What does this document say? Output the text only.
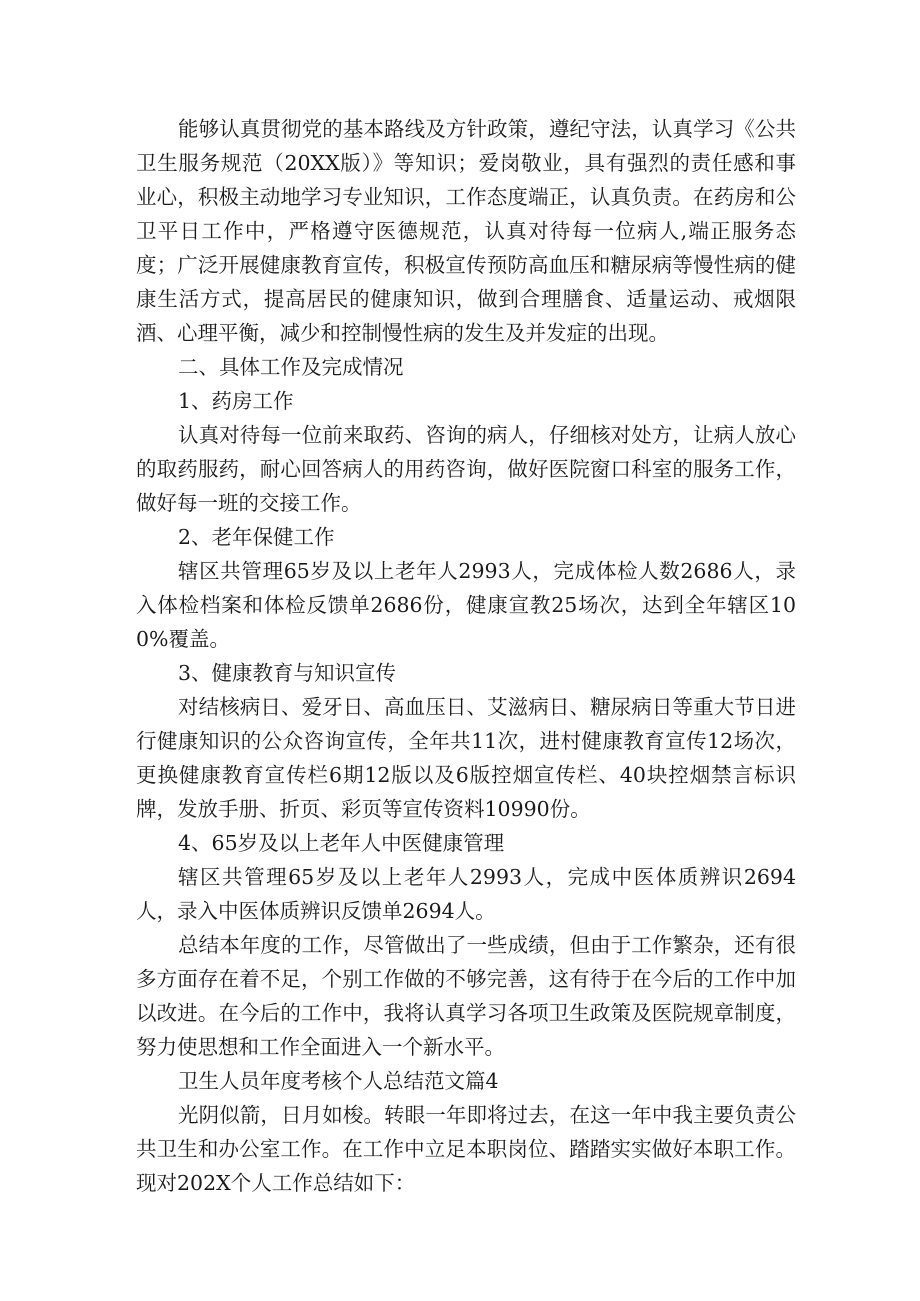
能够认真贯彻党的基本路线及方针政策，遵纪守法，认真学习《公共卫生服务规范（20XX版）》等知识；爱岗敬业，具有强烈的责任感和事业心，积极主动地学习专业知识，工作态度端正，认真负责。在药房和公卫平日工作中，严格遵守医德规范，认真对待每一位病人,端正服务态度；广泛开展健康教育宣传，积极宣传预防高血压和糖尿病等慢性病的健康生活方式，提高居民的健康知识，做到合理膳食、适量运动、戒烟限酒、心理平衡，减少和控制慢性病的发生及并发症的出现。

二、具体工作及完成情况

1、药房工作

认真对待每一位前来取药、咨询的病人，仔细核对处方，让病人放心的取药服药，耐心回答病人的用药咨询，做好医院窗口科室的服务工作，做好每一班的交接工作。

2、老年保健工作

辖区共管理65岁及以上老年人2993人，完成体检人数2686人，录入体检档案和体检反馈单2686份，健康宣教25场次，达到全年辖区100%覆盖。

3、健康教育与知识宣传

对结核病日、爱牙日、高血压日、艾滋病日、糖尿病日等重大节日进行健康知识的公众咨询宣传，全年共11次，进村健康教育宣传12场次，更换健康教育宣传栏6期12版以及6版控烟宣传栏、40块控烟禁言标识牌，发放手册、折页、彩页等宣传资料10990份。

4、65岁及以上老年人中医健康管理

辖区共管理65岁及以上老年人2993人，完成中医体质辨识2694人，录入中医体质辨识反馈单2694人。

总结本年度的工作，尽管做出了一些成绩，但由于工作繁杂，还有很多方面存在着不足，个别工作做的不够完善，这有待于在今后的工作中加以改进。在今后的工作中，我将认真学习各项卫生政策及医院规章制度，努力使思想和工作全面进入一个新水平。

卫生人员年度考核个人总结范文篇4

光阴似箭，日月如梭。转眼一年即将过去，在这一年中我主要负责公共卫生和办公室工作。在工作中立足本职岗位、踏踏实实做好本职工作。现对202X个人工作总结如下：
